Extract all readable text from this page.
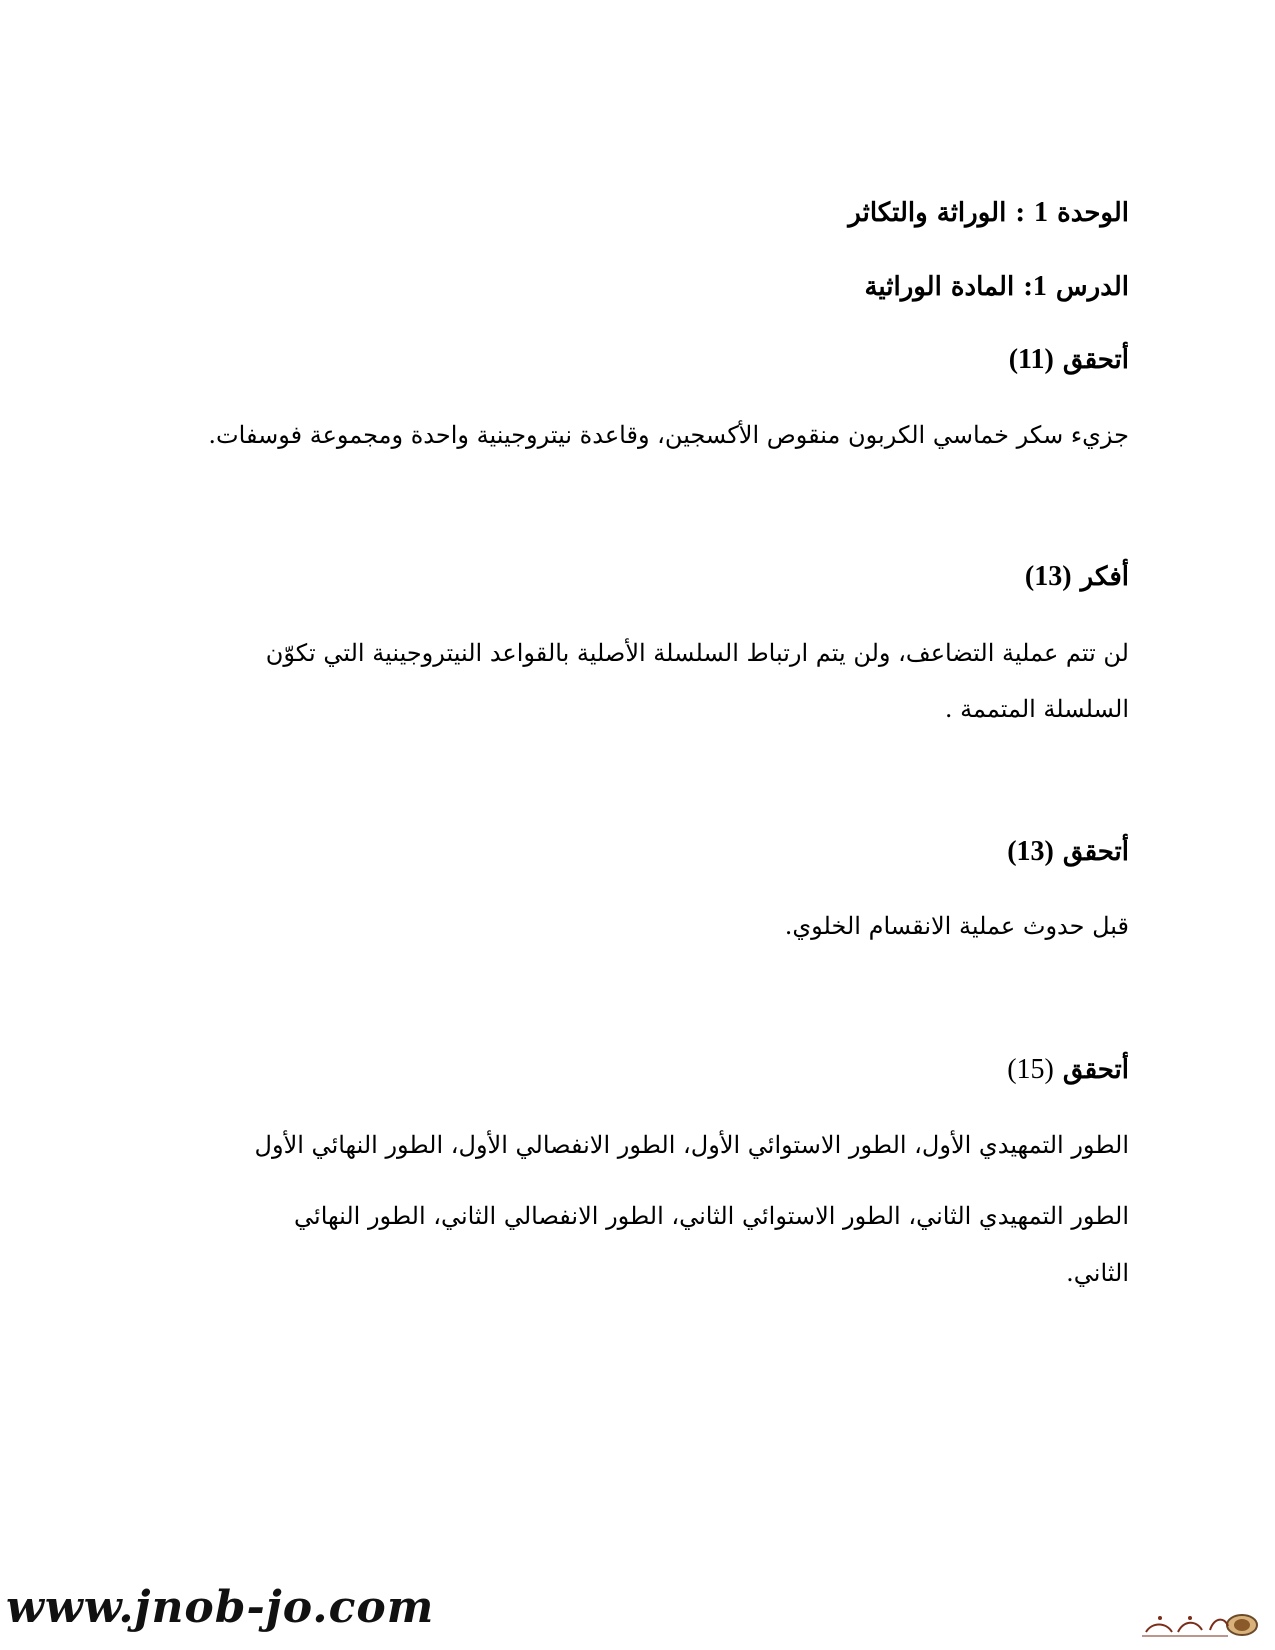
الوحدة 1 : الوراثة والتكاثر
الدرس 1: المادة الوراثية
أتحقق (11)
جزيء سكر خماسي الكربون منقوص الأكسجين، وقاعدة نيتروجينية واحدة ومجموعة فوسفات.
أفكر (13)
لن تتم عملية التضاعف، ولن يتم ارتباط السلسلة الأصلية بالقواعد النيتروجينية التي تكوّن
السلسلة المتممة .
أتحقق (13)
قبل حدوث عملية الانقسام الخلوي.
أتحقق (15)
الطور التمهيدي الأول، الطور الاستوائي الأول، الطور الانفصالي الأول، الطور النهائي الأول
الطور التمهيدي الثاني، الطور الاستوائي الثاني، الطور الانفصالي الثاني، الطور النهائي
الثاني.
www.jnob-jo.com
